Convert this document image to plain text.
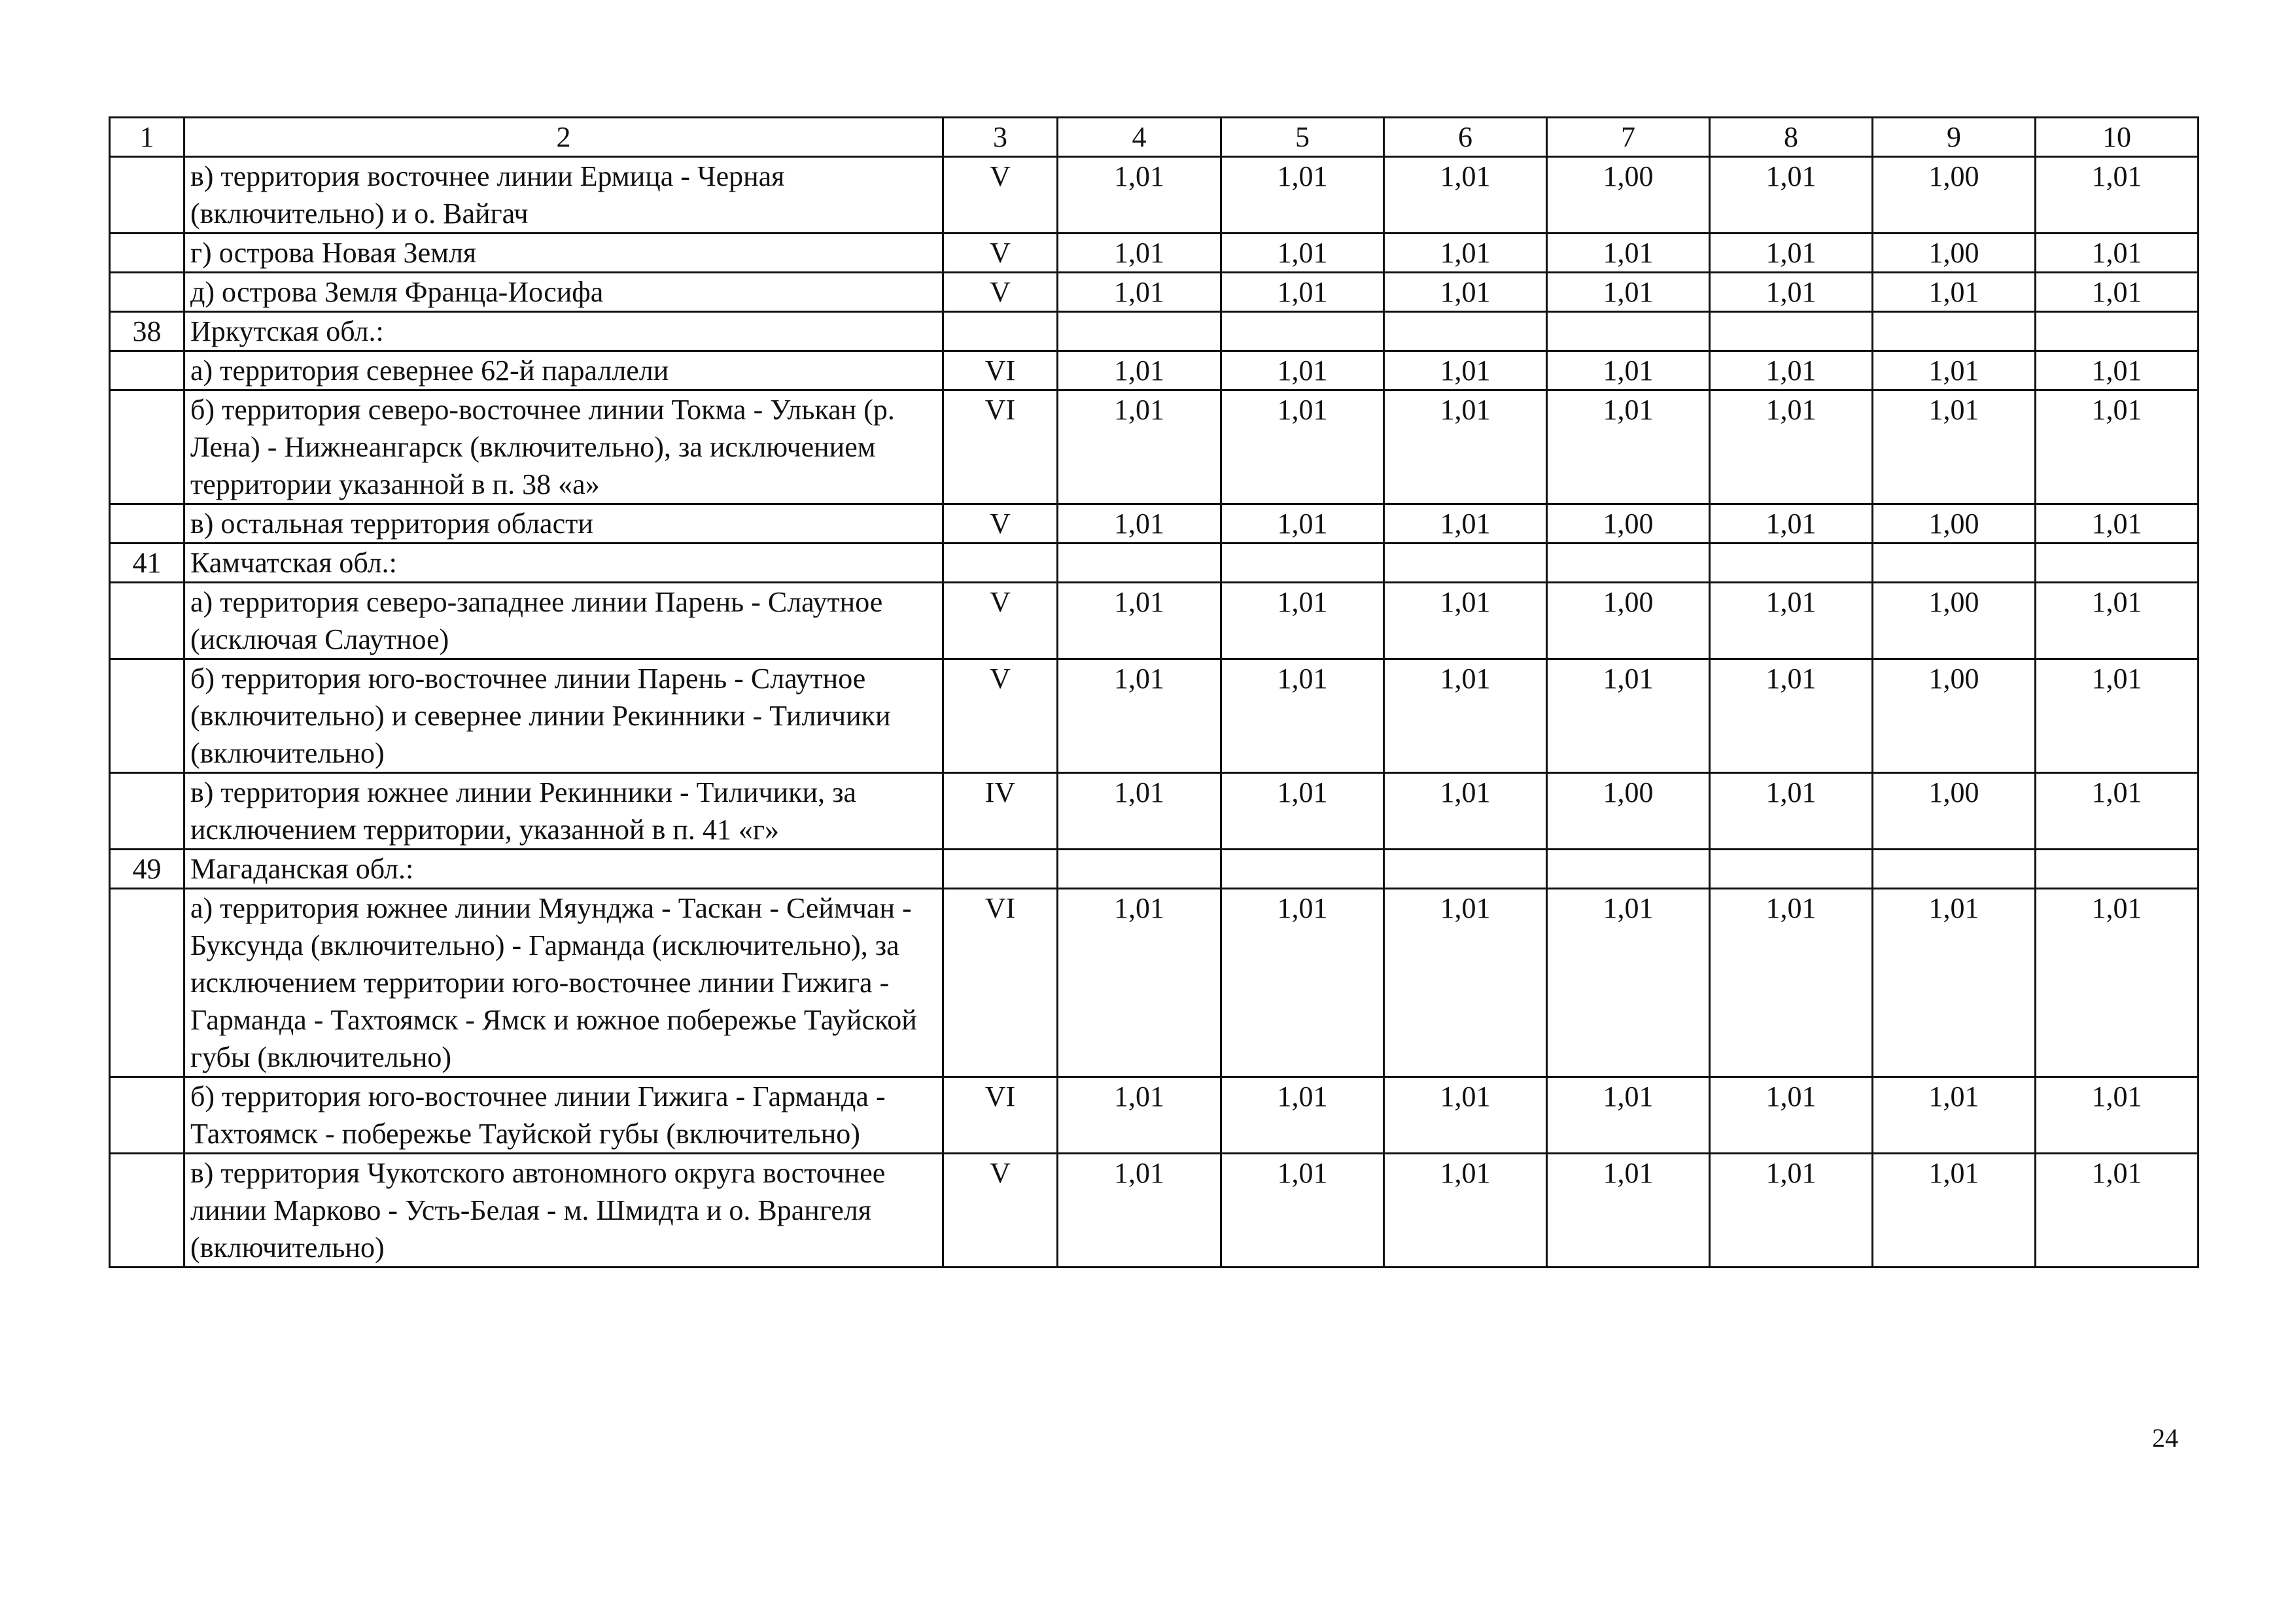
1	2	3	4	5	6	7	8	9	10
	в) территория восточнее линии Ермица - Черная (включительно) и о. Вайгач	V	1,01	1,01	1,01	1,00	1,01	1,00	1,01
	г) острова Новая Земля	V	1,01	1,01	1,01	1,01	1,01	1,00	1,01
	д) острова Земля Франца-Иосифа	V	1,01	1,01	1,01	1,01	1,01	1,01	1,01
38	Иркутская обл.:								
	а) территория севернее 62-й параллели	VI	1,01	1,01	1,01	1,01	1,01	1,01	1,01
	б) территория северо-восточнее линии Токма - Улькан (р. Лена) - Нижнеангарск (включительно), за исключением территории указанной в п. 38 «а»	VI	1,01	1,01	1,01	1,01	1,01	1,01	1,01
	в) остальная территория области	V	1,01	1,01	1,01	1,00	1,01	1,00	1,01
41	Камчатская обл.:								
	а) территория северо-западнее линии Парень - Слаутное (исключая Слаутное)	V	1,01	1,01	1,01	1,00	1,01	1,00	1,01
	б) территория юго-восточнее линии Парень - Слаутное (включительно) и севернее линии Рекинники - Тиличики (включительно)	V	1,01	1,01	1,01	1,01	1,01	1,00	1,01
	в) территория южнее линии Рекинники - Тиличики, за исключением территории, указанной в п. 41 «г»	IV	1,01	1,01	1,01	1,00	1,01	1,00	1,01
49	Магаданская обл.:								
	а) территория южнее линии Мяунджа - Таскан - Сеймчан - Буксунда (включительно) - Гарманда (исключительно), за исключением территории юго-восточнее линии Гижига - Гарманда - Тахтоямск - Ямск и южное побережье Тауйской губы (включительно)	VI	1,01	1,01	1,01	1,01	1,01	1,01	1,01
	б) территория юго-восточнее линии Гижига - Гарманда - Тахтоямск - побережье Тауйской губы (включительно)	VI	1,01	1,01	1,01	1,01	1,01	1,01	1,01
	в) территория Чукотского автономного округа восточнее линии Марково - Усть-Белая - м. Шмидта и о. Врангеля (включительно)	V	1,01	1,01	1,01	1,01	1,01	1,01	1,01
24
